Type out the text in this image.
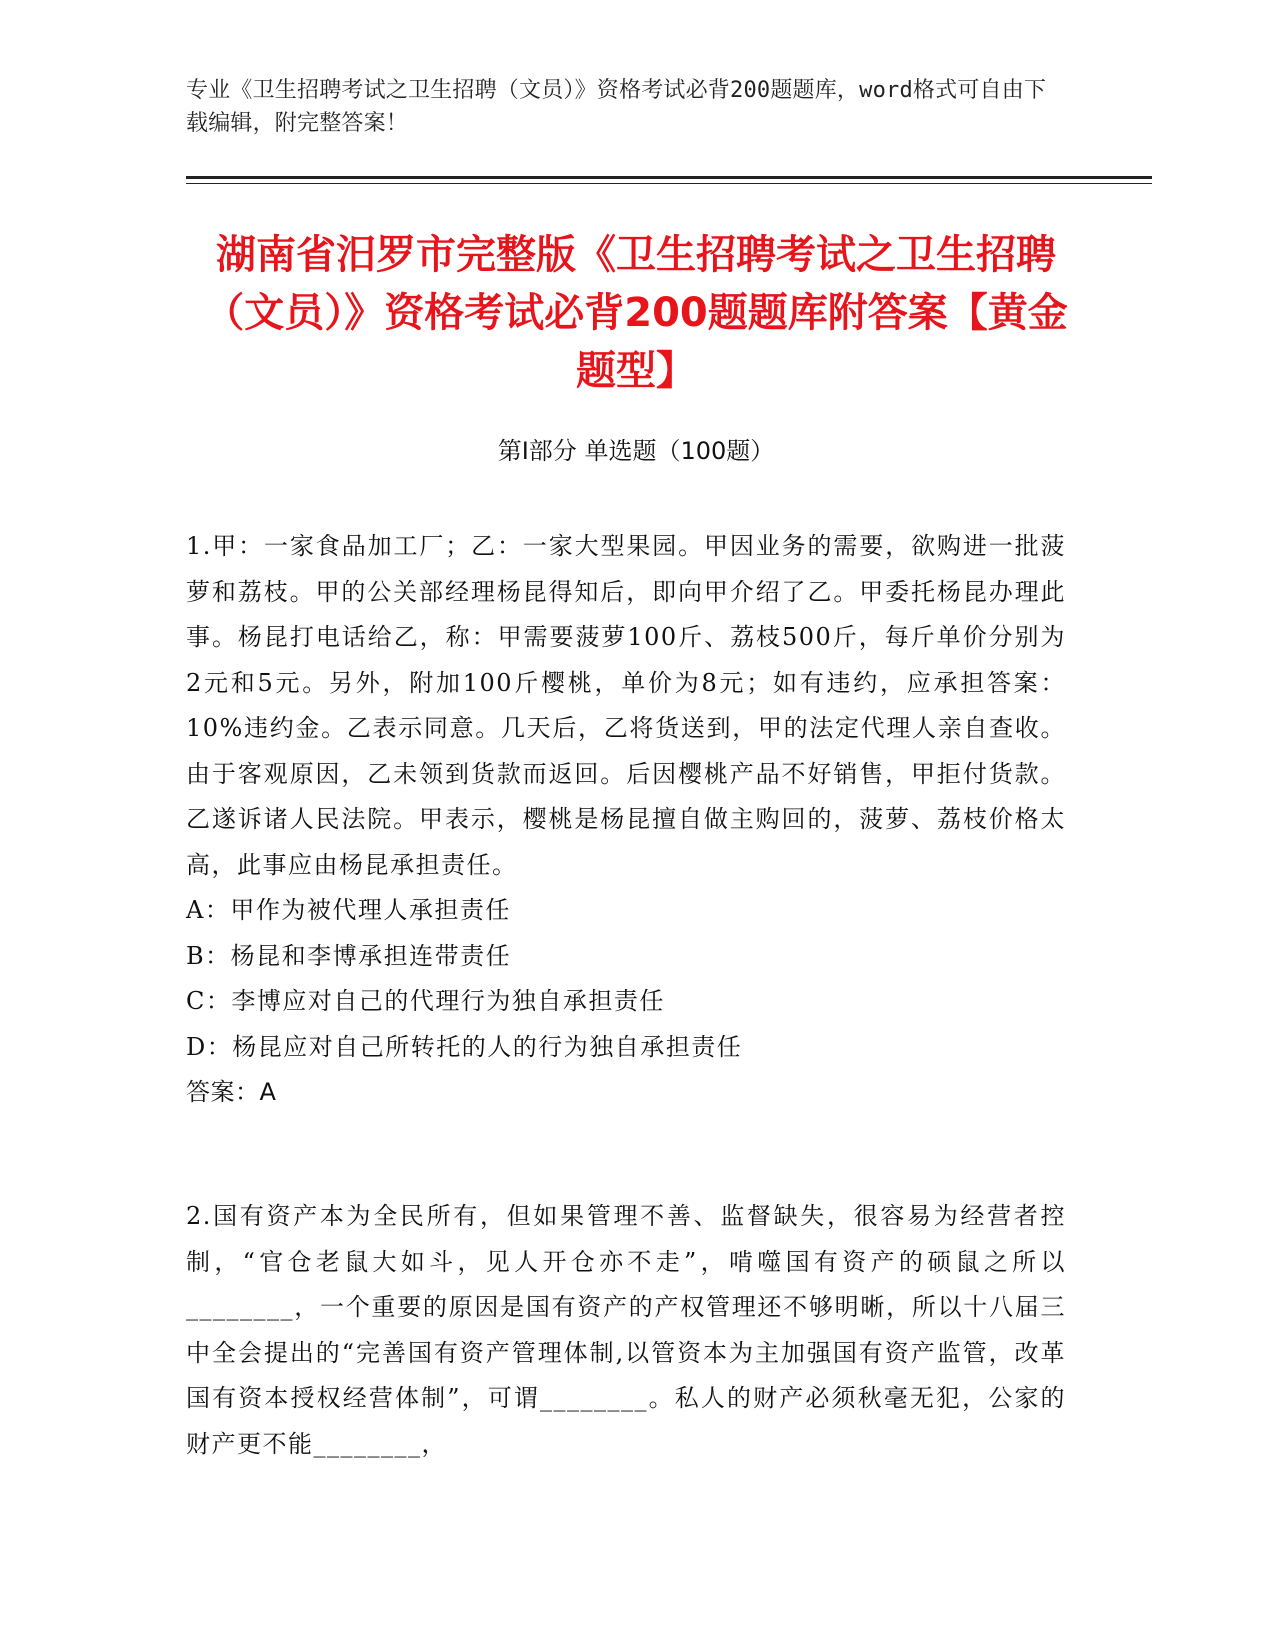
专业《卫生招聘考试之卫生招聘（文员）》资格考试必背200题题库，word格式可自由下载编辑，附完整答案！
湖南省汨罗市完整版《卫生招聘考试之卫生招聘（文员）》资格考试必背200题题库附答案【黄金题型】
第I部分 单选题（100题）

1.甲：一家食品加工厂；乙：一家大型果园。甲因业务的需要，欲购进一批菠萝和荔枝。甲的公关部经理杨昆得知后，即向甲介绍了乙。甲委托杨昆办理此事。杨昆打电话给乙，称：甲需要菠萝100斤、荔枝500斤，每斤单价分别为2元和5元。另外，附加100斤樱桃，单价为8元；如有违约，应承担答案：10%违约金。乙表示同意。几天后，乙将货送到，甲的法定代理人亲自查收。由于客观原因，乙未领到货款而返回。后因樱桃产品不好销售，甲拒付货款。乙遂诉诸人民法院。甲表示，樱桃是杨昆擅自做主购回的，菠萝、荔枝价格太高，此事应由杨昆承担责任。

A：甲作为被代理人承担责任

B：杨昆和李博承担连带责任

C：李博应对自己的代理行为独自承担责任

D：杨昆应对自己所转托的人的行为独自承担责任

答案：A

2.国有资产本为全民所有，但如果管理不善、监督缺失，很容易为经营者控制，“官仓老鼠大如斗，见人开仓亦不走”，啃噬国有资产的硕鼠之所以________，一个重要的原因是国有资产的产权管理还不够明晰，所以十八届三中全会提出的“完善国有资产管理体制,以管资本为主加强国有资产监管，改革国有资本授权经营体制”，可谓________。私人的财产必须秋毫无犯，公家的财产更不能________，
